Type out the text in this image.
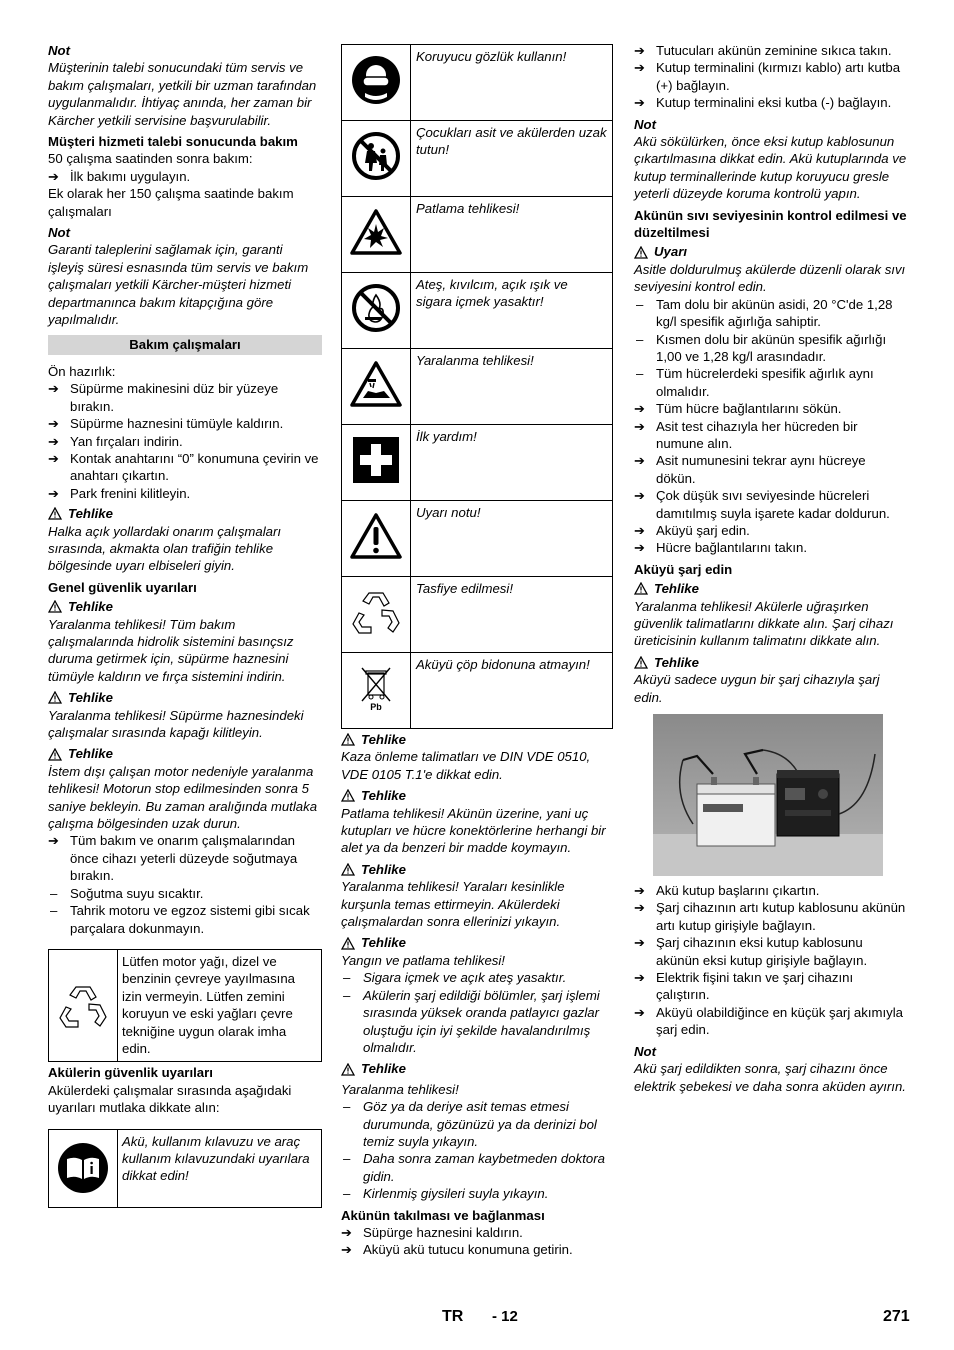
Not

Müşterinin talebi sonucundaki tüm servis ve bakım çalışmaları, yetkili bir uzman tarafından uygulanmalıdır. İhtiyaç anında, her zaman bir Kärcher yetkili servisine başvurulabilir.

Müşteri hizmeti talebi sonucunda bakım

50 çalışma saatinden sonra bakım:

➔ İlk bakımı uygulayın.

Ek olarak her 150 çalışma saatinde bakım çalışmaları

Not

Garanti taleplerini sağlamak için, garanti işleyiş süresi esnasında tüm servis ve bakım çalışmaları yetkili Kärcher-müşteri hizmeti departmanınca bakım kitapçığına göre yapılmalıdır.

Bakım çalışmaları

Ön hazırlık:

➔ Süpürme makinesini düz bir yüzeye bırakın.
➔ Süpürme haznesini tümüyle kaldırın.
➔ Yan fırçaları indirin.
➔ Kontak anahtarını “0” konumuna çevirin ve anahtarı çıkartın.
➔ Park frenini kilitleyin.
Tehlike

Halka açık yollardaki onarım çalışmaları sırasında, akmakta olan trafiğin tehlike bölgesinde uyarı elbiseleri giyin.

Genel güvenlik uyarıları

Tehlike

Yaralanma tehlikesi! Tüm bakım çalışmalarında hidrolik sistemini basınçsız duruma getirmek için, süpürme haznesini tümüyle kaldırın ve fırça sistemini indirin.

Tehlike

Yaralanma tehlikesi! Süpürme haznesindeki çalışmalar sırasında kapağı kilitleyin.

Tehlike

İstem dışı çalışan motor nedeniyle yaralanma tehlikesi! Motorun stop edilmesinden sonra 5 saniye bekleyin. Bu zaman aralığında mutlaka çalışma bölgesinden uzak durun.

➔ Tüm bakım ve onarım çalışmalarından önce cihazı yeterli düzeyde soğutmaya bırakın.
– Soğutma suyu sıcaktır.
– Tahrik motoru ve egzoz sistemi gibi sıcak parçalara dokunmayın.
Lütfen motor yağı, dizel ve benzinin çevreye yayılmasına izin vermeyin. Lütfen zemini koruyun ve eski yağları çevre tekniğine uygun olarak imha edin.

Akülerin güvenlik uyarıları

Akülerdeki çalışmalar sırasında aşağıdaki uyarıları mutlaka dikkate alın:

Akü, kullanım kılavuzu ve araç kullanım kılavuzundaki uyarılara dikkat edin!
	Koruyucu gözlük kullanın!
	Çocukları asit ve akülerden uzak tutun!
	Patlama tehlikesi!
	Ateş, kıvılcım, açık ışık ve sigara içmek yasaktır!
	Yaralanma tehlikesi!
	İlk yardım!
	Uyarı notu!
	Tasfiye edilmesi!

Pb	Aküyü çöp bidonuna atmayın!
Tehlike

Kaza önleme talimatları ve DIN VDE 0510, VDE 0105 T.1'e dikkat edin.

Tehlike

Patlama tehlikesi! Akünün üzerine, yani uç kutupları ve hücre konektörlerine herhangi bir alet ya da benzeri bir madde koymayın.

Tehlike

Yaralanma tehlikesi! Yaraları kesinlikle kurşunla temas ettirmeyin. Akülerdeki çalışmalardan sonra ellerinizi yıkayın.

Tehlike

Yangın ve patlama tehlikesi!

– Sigara içmek ve açık ateş yasaktır.
– Akülerin şarj edildiği bölümler, şarj işlemi sırasında yüksek oranda patlayıcı gazlar oluştuğu için iyi şekilde havalandırılmış olmalıdır.
Tehlike

Yaralanma tehlikesi!

– Göz ya da deriye asit temas etmesi durumunda, gözünüzü ya da derinizi bol temiz suyla yıkayın.
– Daha sonra zaman kaybetmeden doktora gidin.
– Kirlenmiş giysileri suyla yıkayın.

Akünün takılması ve bağlanması

➔ Süpürge haznesini kaldırın.
➔ Aküyü akü tutucu konumuna getirin.
➔ Tutucuları akünün zeminine sıkıca takın.
➔ Kutup terminalini (kırmızı kablo) artı kutba (+) bağlayın.
➔ Kutup terminalini eksi kutba (-) bağlayın.

Not

Akü sökülürken, önce eksi kutup kablosunun çıkartılmasına dikkat edin. Akü kutuplarında ve kutup terminallerinde kutup koruyucu gresle yeterli düzeyde koruma kontrolü yapın.

Akünün sıvı seviyesinin kontrol edilmesi ve düzeltilmesi

Uyarı

Asitle doldurulmuş akülerde düzenli olarak sıvı seviyesini kontrol edin.

– Tam dolu bir akünün asidi, 20 °C'de 1,28 kg/l spesifik ağırlığa sahiptir.
– Kısmen dolu bir akünün spesifik ağırlığı 1,00 ve 1,28 kg/l arasındadır.
– Tüm hücrelerdeki spesifik ağırlık aynı olmalıdır.
➔ Tüm hücre bağlantılarını sökün.
➔ Asit test cihazıyla her hücreden bir numune alın.
➔ Asit numunesini tekrar aynı hücreye dökün.
➔ Çok düşük sıvı seviyesinde hücreleri damıtılmış suyla işarete kadar doldurun.
➔ Aküyü şarj edin.
➔ Hücre bağlantılarını takın.

Aküyü şarj edin

Tehlike

Yaralanma tehlikesi! Akülerle uğraşırken güvenlik talimatlarını dikkate alın. Şarj cihazı üreticisinin kullanım talimatını dikkate alın.

Tehlike

Aküyü sadece uygun bir şarj cihazıyla şarj edin.

➔ Akü kutup başlarını çıkartın.
➔ Şarj cihazının artı kutup kablosunu akünün artı kutup girişiyle bağlayın.
➔ Şarj cihazının eksi kutup kablosunu akünün eksi kutup girişiyle bağlayın.
➔ Elektrik fişini takın ve şarj cihazını çalıştırın.
➔ Aküyü olabildiğince en küçük şarj akımıyla şarj edin.

Not

Akü şarj edildikten sonra, şarj cihazını önce elektrik şebekesi ve daha sonra aküden ayırın.

TR - 12	271
